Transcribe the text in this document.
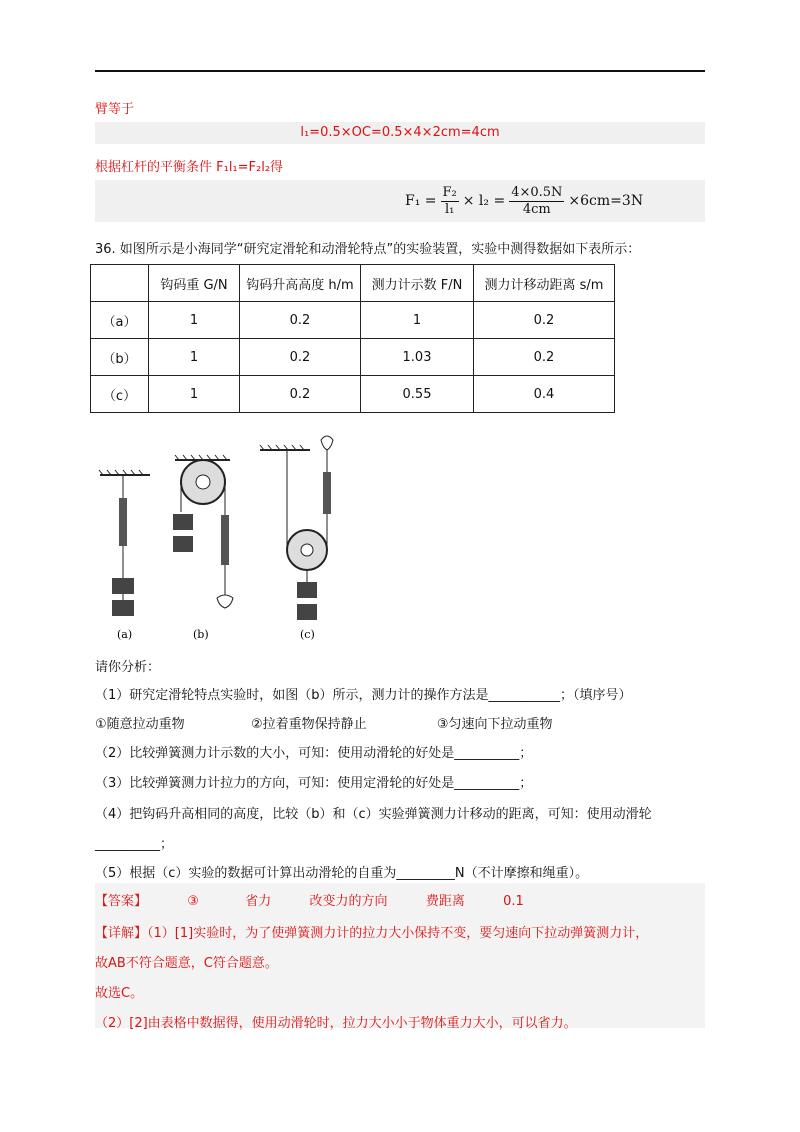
臂等于
l₁=0.5×OC=0.5×4×2cm=4cm
根据杠杆的平衡条件 F₁l₁=F₂l₂得
$F_1 = \frac{\text{F₂}}{\text{l₁}} \times l_2 = \frac{4\times 0.5N}{4cm} \times 6cm=3N$
36. 如图所示是小海同学“研究定滑轮和动滑轮特点”的实验装置，实验中测得数据如下表所示：
	钩码重 G/N	钩码升高高度 h/m	测力计示数 F/N	测力计移动距离 s/m
（a）	1	0.2	1	0.2
（b）	1	0.2	1.03	0.2
（c）	1	0.2	0.55	0.4
(a)	(b)	(c)
请你分析：
（1）研究定滑轮特点实验时，如图（b）所示，测力计的操作方法是___________；（填序号）
①随意拉动重物	②拉着重物保持静止	③匀速向下拉动重物
（2）比较弹簧测力计示数的大小，可知：使用动滑轮的好处是__________；
（3）比较弹簧测力计拉力的方向，可知：使用定滑轮的好处是__________；
（4）把钩码升高相同的高度，比较（b）和（c）实验弹簧测力计移动的距离，可知：使用动滑轮
__________；
（5）根据（c）实验的数据可计算出动滑轮的自重为_________N（不计摩擦和绳重）。
【答案】	③	省力	改变力的方向	费距离	0.1
【详解】（1）[1]实验时，为了使弹簧测力计的拉力大小保持不变，要匀速向下拉动弹簧测力计，
故AB不符合题意，C符合题意。
故选C。
（2）[2]由表格中数据得，使用动滑轮时，拉力大小小于物体重力大小，可以省力。
